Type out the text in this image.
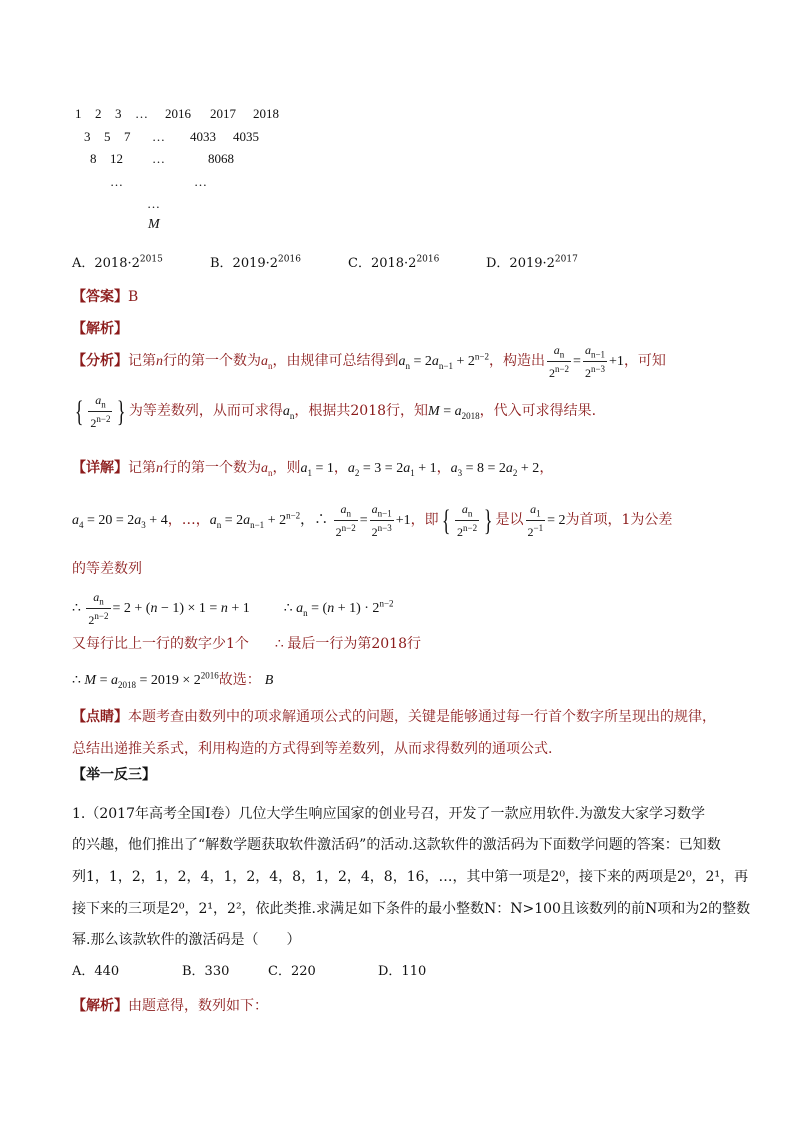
1 2 3 … 2016 2017 2018
3 5 7 … 4033 4035
8 12 …	8068
…	…
…
M
A．$2018\cdot 2^{2015}$	B．$2019\cdot 2^{2016}$	C．$2018\cdot 2^{2016}$	D．$2019\cdot 2^{2017}$
【答案】B
【解析】
【分析】记第n行的第一个数为$a_n$，由规律可总结得到$a_n = 2a_{n-1} + 2^{n-2}$，构造出 $\frac{a_n}{2^{n-2}} = \frac{a_{n-1}}{2^{n-3}} +1$，可知
{ $\frac{a_n}{2^{n-2}}$ } 为等差数列，从而可求得$a_n$，根据共2018行，知$M = a_{2018}$，代入可求得结果.
【详解】记第n行的第一个数为$a_n$，则$a_1 = 1$，$a_2 = 3 = 2a_1 + 1$，$a_3 = 8 = 2a_2 + 2$，
$a_4 = 20 = 2a_3 + 4$，…，$a_n = 2a_{n-1} + 2^{n-2}$，∴ $\frac{a_n}{2^{n-2}} = \frac{a_{n-1}}{2^{n-3}} +1$，即{ $\frac{a_n}{2^{n-2}}$ } 是以 $\frac{a_1}{2^{-1}} = 2$为首项，1为公差
的等差数列
∴ $\frac{a_n}{2^{n-2}} = 2 + (n - 1) \times 1 = n + 1$ ∴ $a_n = (n + 1) \cdot 2^{n-2}$
又每行比上一行的数字少1个 ∴ 最后一行为第2018行
∴ $M = a_{2018} = 2019 \times 2^{2016}$故选： B
【点睛】本题考查由数列中的项求解通项公式的问题，关键是能够通过每一行首个数字所呈现出的规律，
总结出递推关系式，利用构造的方式得到等差数列，从而求得数列的通项公式.
【举一反三】
1.（2017年高考全国I卷）几位大学生响应国家的创业号召，开发了一款应用软件.为激发大家学习数学
的兴趣，他们推出了“解数学题获取软件激活码”的活动.这款软件的激活码为下面数学问题的答案：已知数
列1，1，2，1，2，4，1，2，4，8，1，2，4，8，16，…，其中第一项是2⁰，接下来的两项是2⁰，2¹，再
接下来的三项是2⁰，2¹，2²，依此类推.求满足如下条件的最小整数N：N>100且该数列的前N项和为2的整数
幂.那么该款软件的激活码是（　　）
A．440	B．330	C．220	D．110
【解析】由题意得，数列如下：
